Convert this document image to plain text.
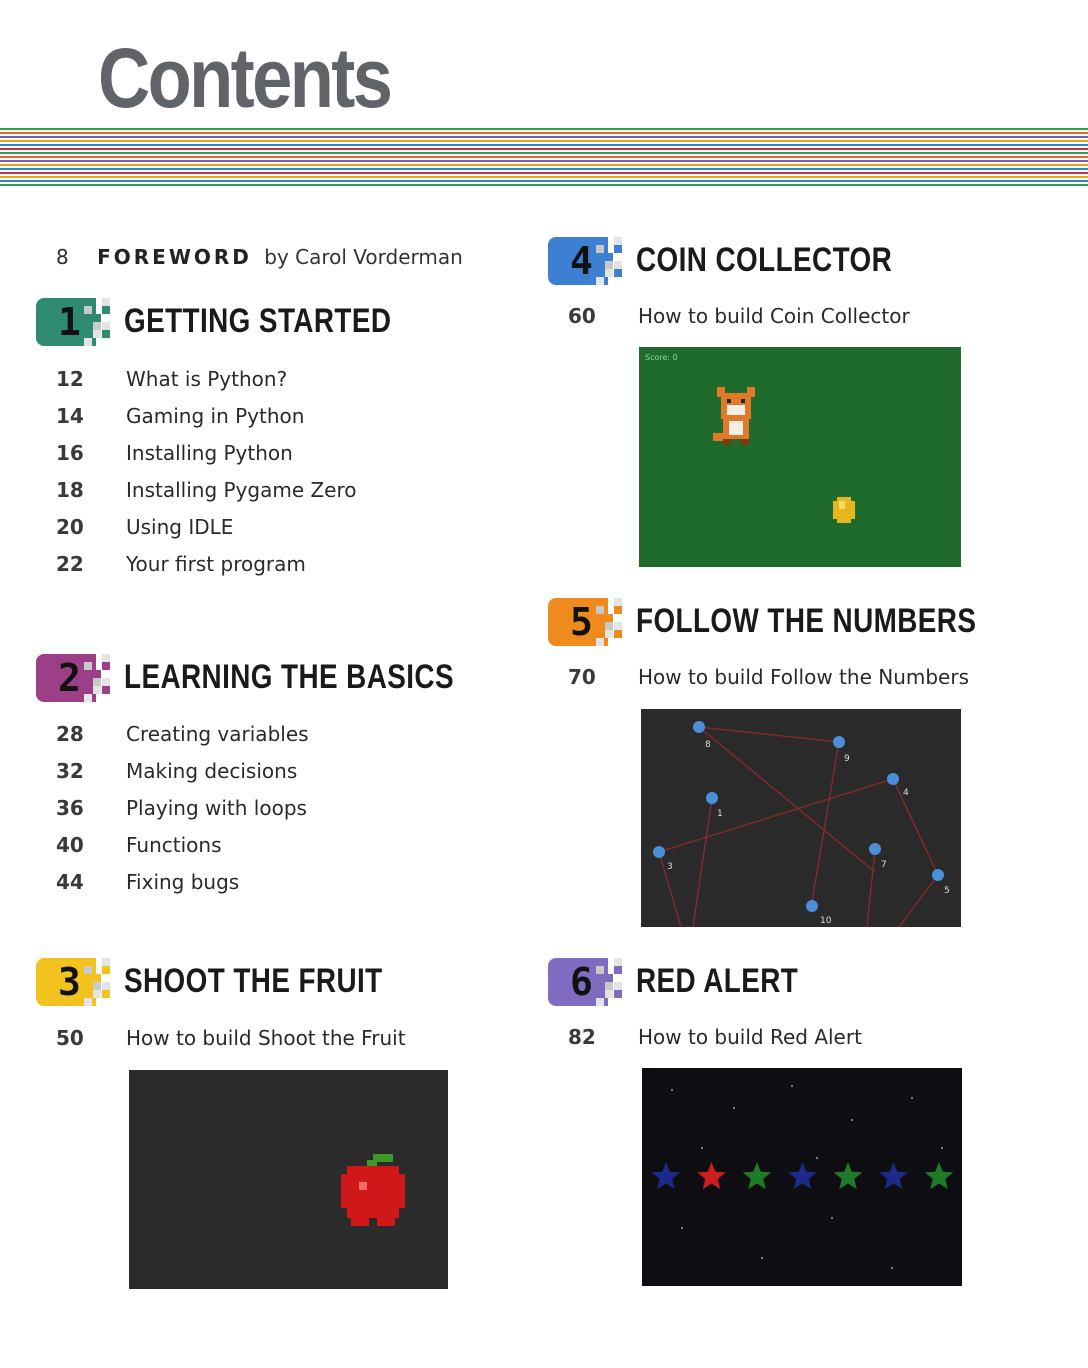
Contents
8 FOREWORD by Carol Vorderman
1 GETTING STARTED
2 LEARNING THE BASICS
3 SHOOT THE FRUIT
4 COIN COLLECTOR
5 FOLLOW THE NUMBERS
6 RED ALERT
Score: 0
1
3
4
5
7
8
9
10
12 What is Python?
14 Gaming in Python
16 Installing Python
18 Installing Pygame Zero
20 Using IDLE
22 Your first program
28 Creating variables
32 Making decisions
36 Playing with loops
40 Functions
44 Fixing bugs
50 How to build Shoot the Fruit
60 How to build Coin Collector
70 How to build Follow the Numbers
82 How to build Red Alert
